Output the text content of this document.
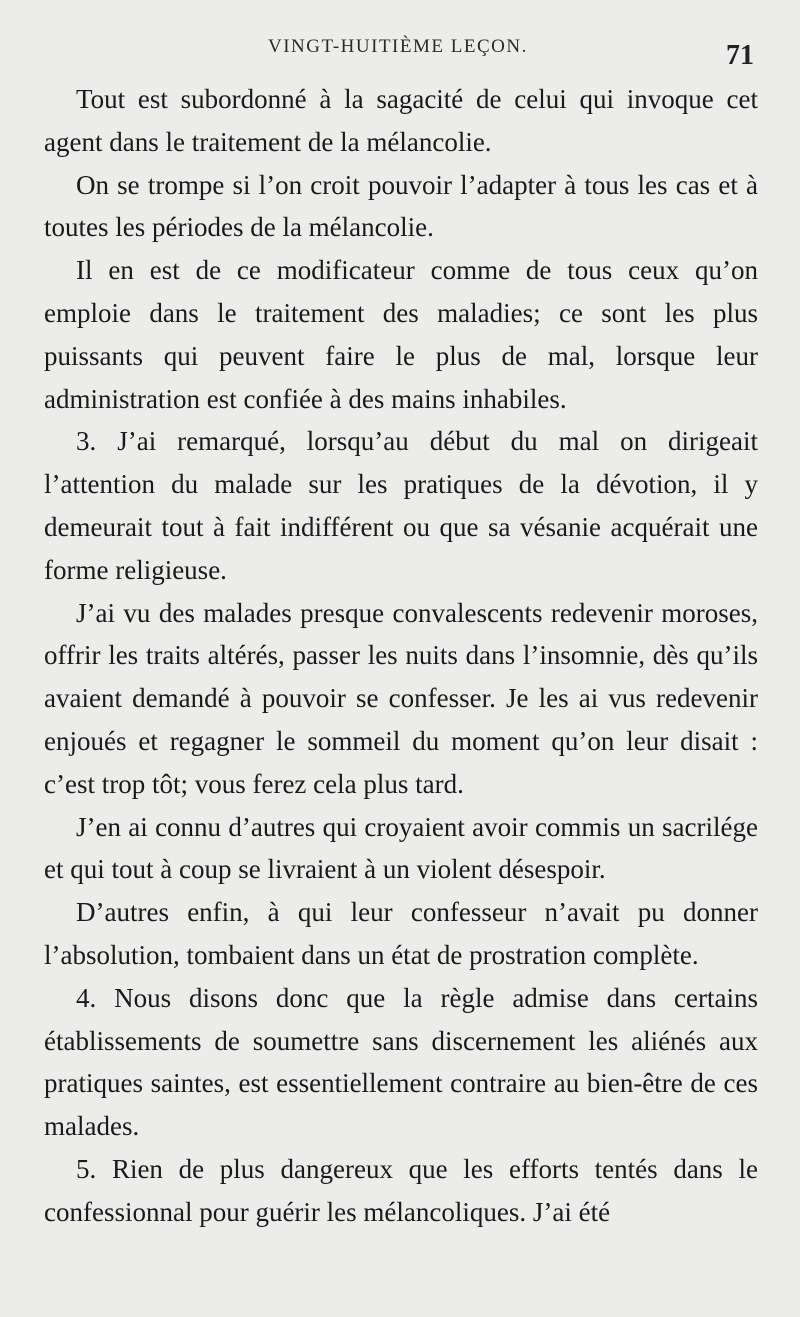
VINGT-HUITIÈME LEÇON.	71

Tout est subordonné à la sagacité de celui qui invoque cet agent dans le traitement de la mélancolie.

On se trompe si l’on croit pouvoir l’adapter à tous les cas et à toutes les périodes de la mélancolie.

Il en est de ce modificateur comme de tous ceux qu’on emploie dans le traitement des maladies; ce sont les plus puissants qui peuvent faire le plus de mal, lorsque leur administration est confiée à des mains inhabiles.

3. J’ai remarqué, lorsqu’au début du mal on dirigeait l’attention du malade sur les pratiques de la dévotion, il y demeurait tout à fait indifférent ou que sa vésanie acquérait une forme religieuse.

J’ai vu des malades presque convalescents redevenir moroses, offrir les traits altérés, passer les nuits dans l’insomnie, dès qu’ils avaient demandé à pouvoir se confesser. Je les ai vus redevenir enjoués et regagner le sommeil du moment qu’on leur disait : c’est trop tôt; vous ferez cela plus tard.

J’en ai connu d’autres qui croyaient avoir commis un sacrilége et qui tout à coup se livraient à un violent désespoir.

D’autres enfin, à qui leur confesseur n’avait pu donner l’absolution, tombaient dans un état de prostration complète.

4. Nous disons donc que la règle admise dans certains établissements de soumettre sans discernement les aliénés aux pratiques saintes, est essentiellement contraire au bien-être de ces malades.

5. Rien de plus dangereux que les efforts tentés dans le confessionnal pour guérir les mélancoliques. J’ai été
